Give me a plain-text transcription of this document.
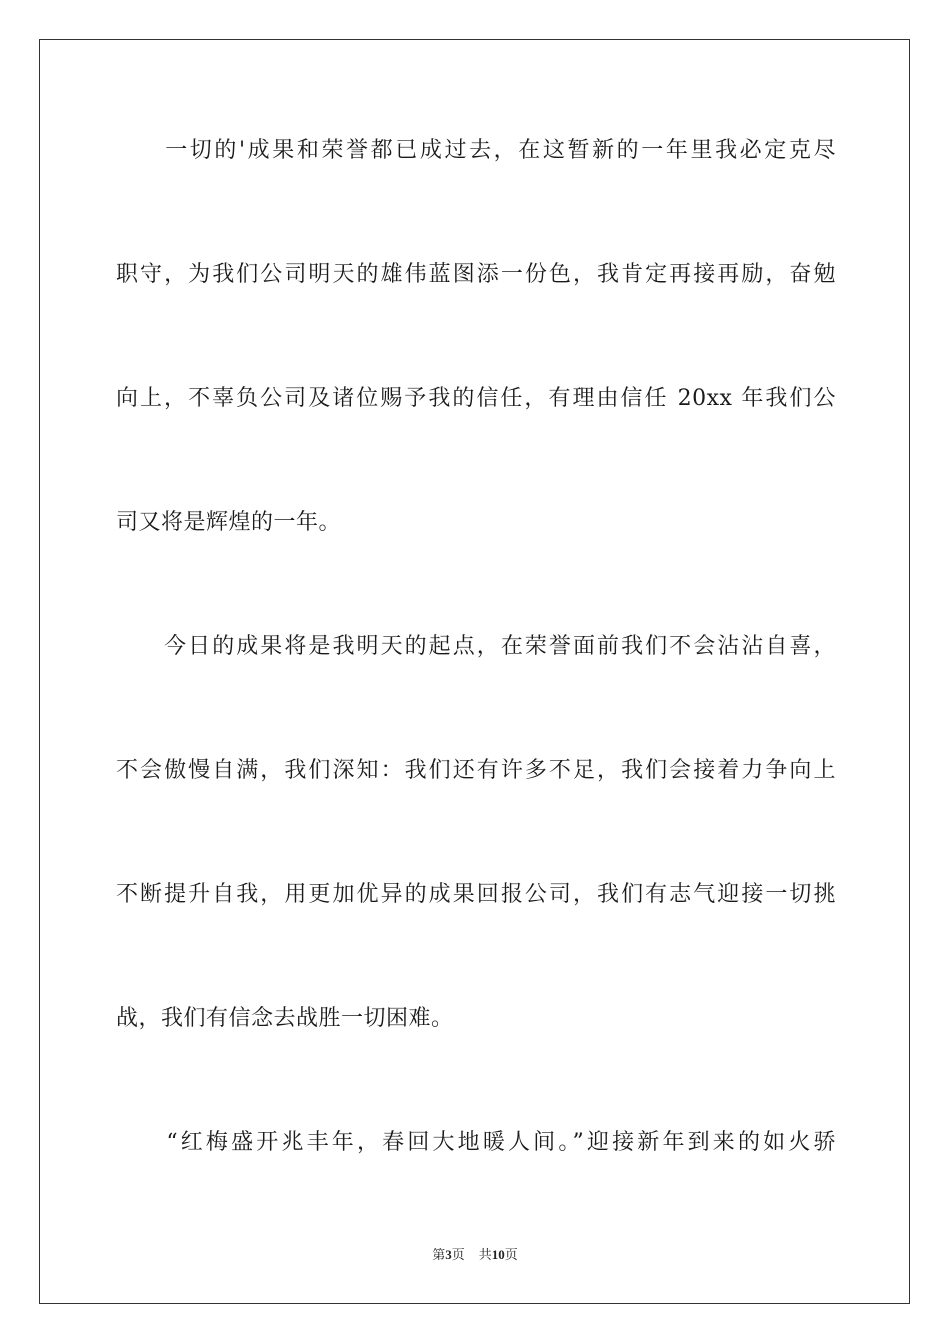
　　一切的'成果和荣誉都已成过去，在这暂新的一年里我必定克尽
职守，为我们公司明天的雄伟蓝图添一份色，我肯定再接再励，奋勉
向上，不辜负公司及诸位赐予我的信任，有理由信任 20xx 年我们公
司又将是辉煌的一年。
　　今日的成果将是我明天的起点，在荣誉面前我们不会沾沾自喜，
不会傲慢自满，我们深知：我们还有许多不足，我们会接着力争向上
不断提升自我，用更加优异的成果回报公司，我们有志气迎接一切挑
战，我们有信念去战胜一切困难。
　　“红梅盛开兆丰年，春回大地暖人间。”迎接新年到来的如火骄
第3页 共10页
